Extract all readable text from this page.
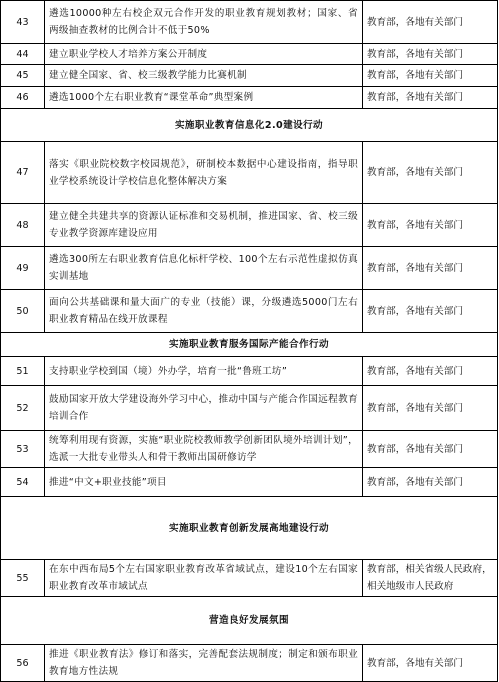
43	遴选10000种左右校企双元合作开发的职业教育规划教材；国家、省两级抽查教材的比例合计不低于50%	教育部，各地有关部门
44	建立职业学校人才培养方案公开制度	教育部，各地有关部门
45	建立健全国家、省、校三级教学能力比赛机制	教育部，各地有关部门
46	遴选1000个左右职业教育“课堂革命”典型案例	教育部，各地有关部门
实施职业教育信息化2.0建设行动		
47	落实《职业院校数字校园规范》，研制校本数据中心建设指南，指导职业学校系统设计学校信息化整体解决方案	教育部，各地有关部门
48	建立健全共建共享的资源认证标准和交易机制，推进国家、省、校三级专业教学资源库建设应用	教育部，各地有关部门
49	遴选300所左右职业教育信息化标杆学校、100个左右示范性虚拟仿真实训基地	教育部，各地有关部门
50	面向公共基础课和量大面广的专业（技能）课，分级遴选5000门左右职业教育精品在线开放课程	教育部，各地有关部门
实施职业教育服务国际产能合作行动		
51	支持职业学校到国（境）外办学，培育一批“鲁班工坊”	教育部，各地有关部门
52	鼓励国家开放大学建设海外学习中心，推动中国与产能合作国远程教育培训合作	教育部，各地有关部门
53	统筹利用现有资源，实施“职业院校教师教学创新团队境外培训计划”，选派一大批专业带头人和骨干教师出国研修访学	教育部，各地有关部门
54	推进“中文+职业技能”项目	教育部，各地有关部门
实施职业教育创新发展高地建设行动		
55	在东中西布局5个左右国家职业教育改革省域试点，建设10个左右国家职业教育改革市域试点	教育部，相关省级人民政府，相关地级市人民政府
营造良好发展氛围		
56	推进《职业教育法》修订和落实，完善配套法规制度；制定和颁布职业教育地方性法规	教育部，各地有关部门
